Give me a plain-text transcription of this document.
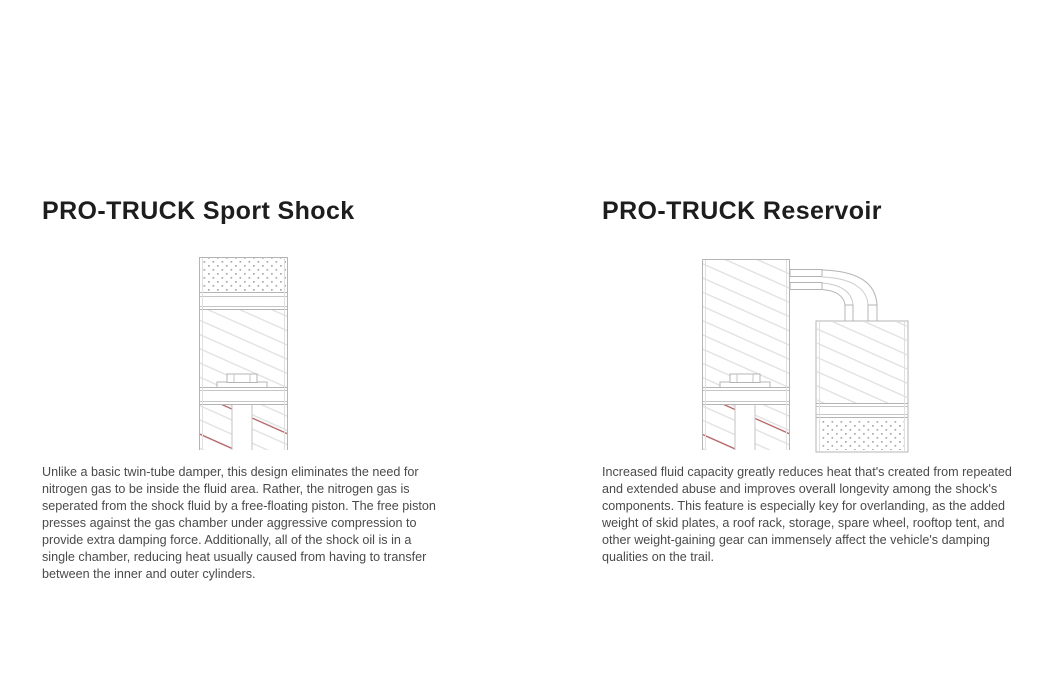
PRO-TRUCK Sport Shock

Unlike a basic twin-tube damper, this design eliminates the need for nitrogen gas to be inside the fluid area. Rather, the nitrogen gas is seperated from the shock fluid by a free-floating piston. The free piston presses against the gas chamber under aggressive compression to provide extra damping force. Additionally, all of the shock oil is in a single chamber, reducing heat usually caused from having to transfer between the inner and outer cylinders.

PRO-TRUCK Reservoir

Increased fluid capacity greatly reduces heat that's created from repeated and extended abuse and improves overall longevity among the shock's components. This feature is especially key for overlanding, as the added weight of skid plates, a roof rack, storage, spare wheel, rooftop tent, and other weight-gaining gear can immensely affect the vehicle's damping qualities on the trail.
